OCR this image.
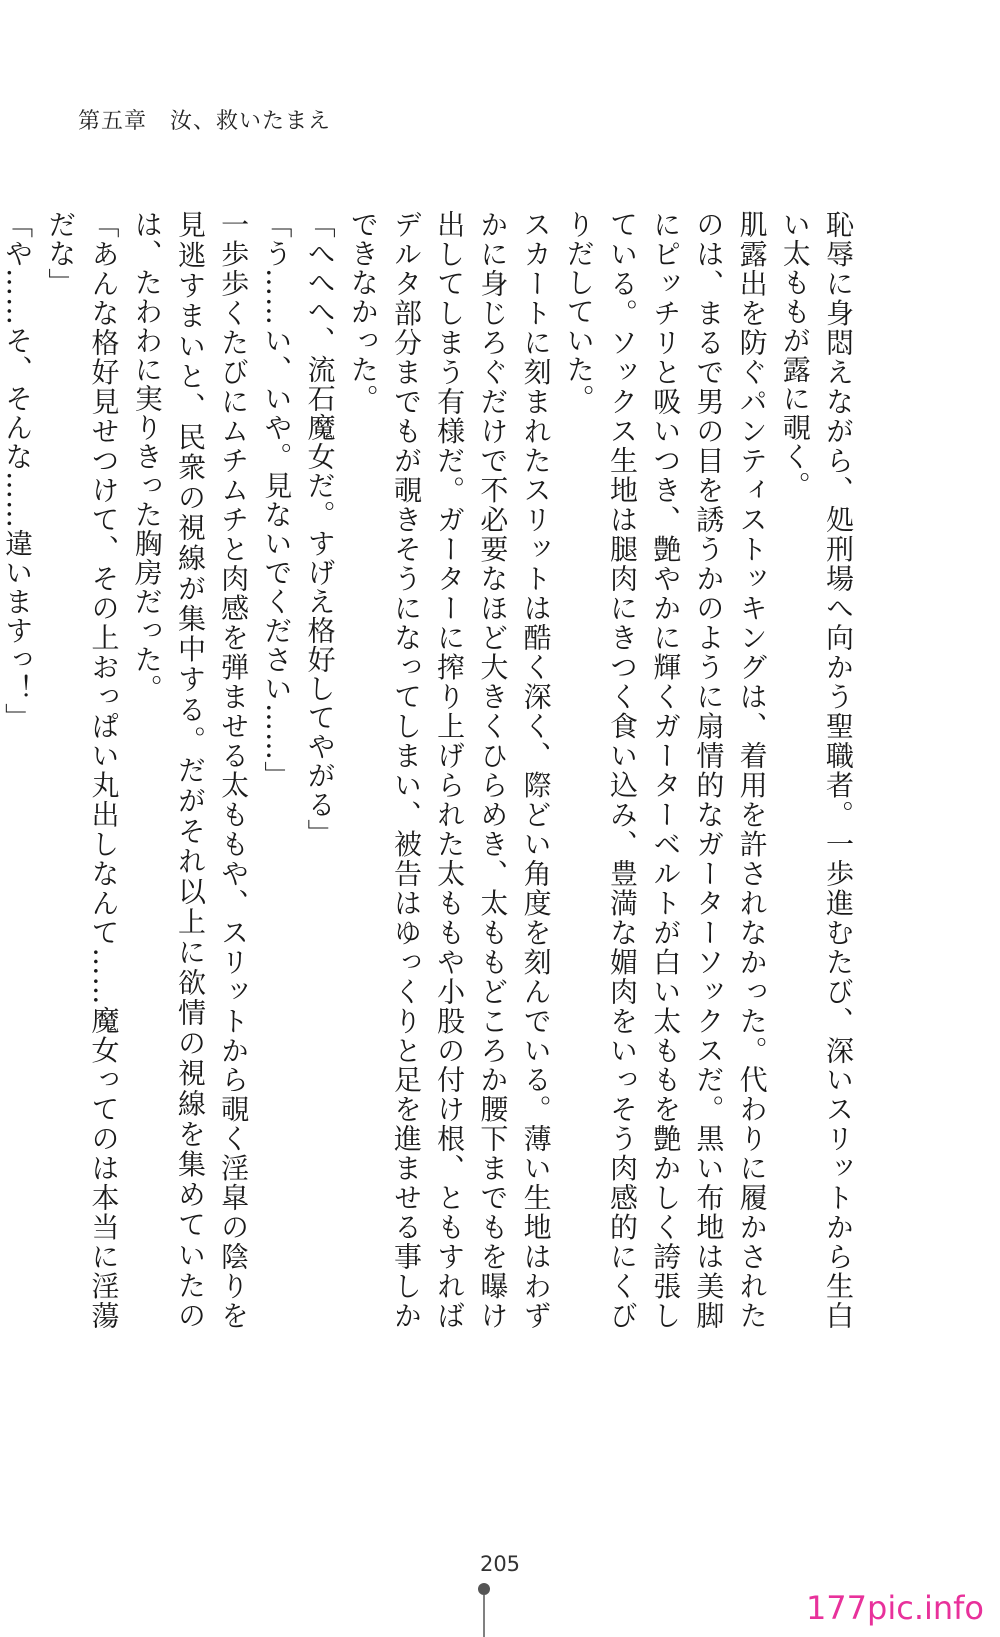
第五章　汝、救いたまえ

恥辱に身悶えながら、処刑場へ向かう聖職者。一歩進むたび、深いスリットから生白い太ももが露に覗く。

肌露出を防ぐパンティストッキングは、着用を許されなかった。代わりに履かされたのは、まるで男の目を誘うかのように扇情的なガーターソックスだ。黒い布地は美脚にピッチリと吸いつき、艶やかに輝くガーターベルトが白い太ももを艶かしく誇張している。ソックス生地は腿肉にきつく食い込み、豊満な媚肉をいっそう肉感的にくびりだしていた。

スカートに刻まれたスリットは酷く深く、際どい角度を刻んでいる。薄い生地はわずかに身じろぐだけで不必要なほど大きくひらめき、太ももどころか腰下までもを曝け出してしまう有様だ。ガーターに搾り上げられた太ももや小股の付け根、ともすればデルタ部分までもが覗きそうになってしまい、被告はゆっくりと足を進ませる事しかできなかった。

「へへへ、流石魔女だ。すげえ格好してやがる」

「う……い、いや。見ないでください……」

一歩歩くたびにムチムチと肉感を弾ませる太ももや、スリットから覗く淫皐の陰りを見逃すまいと、民衆の視線が集中する。だがそれ以上に欲情の視線を集めていたのは、たわわに実りきった胸房だった。

「あんな格好見せつけて、その上おっぱい丸出しなんて……魔女ってのは本当に淫蕩だな」

「や……そ、そんな……違いますっ！」

205
177pic.info
